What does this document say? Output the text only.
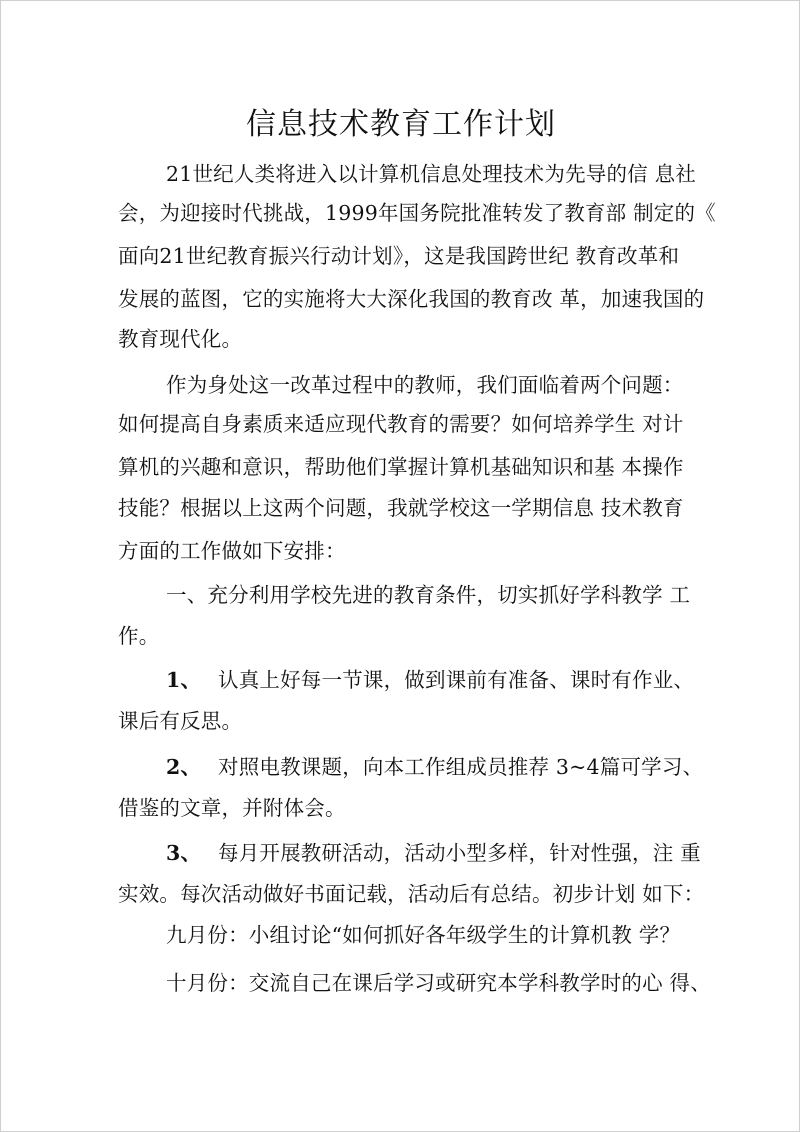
信息技术教育工作计划
21世纪人类将进入以计算机信息处理技术为先导的信 息社
会，为迎接时代挑战，1999年国务院批准转发了教育部 制定的《
面向21世纪教育振兴行动计划》，这是我国跨世纪 教育改革和
发展的蓝图，它的实施将大大深化我国的教育改 革，加速我国的
教育现代化。
作为身处这一改革过程中的教师，我们面临着两个问题：
如何提高自身素质来适应现代教育的需要？如何培养学生 对计
算机的兴趣和意识，帮助他们掌握计算机基础知识和基 本操作
技能？根据以上这两个问题，我就学校这一学期信息 技术教育
方面的工作做如下安排：
一、充分利用学校先进的教育条件，切实抓好学科教学 工
作。
1、 认真上好每一节课，做到课前有准备、课时有作业、
课后有反思。
2、 对照电教课题，向本工作组成员推荐 3~4篇可学习、
借鉴的文章，并附体会。
3、 每月开展教研活动，活动小型多样，针对性强，注 重
实效。每次活动做好书面记载，活动后有总结。初步计划 如下：
九月份：小组讨论“如何抓好各年级学生的计算机教 学？
十月份：交流自己在课后学习或研究本学科教学时的心 得、
